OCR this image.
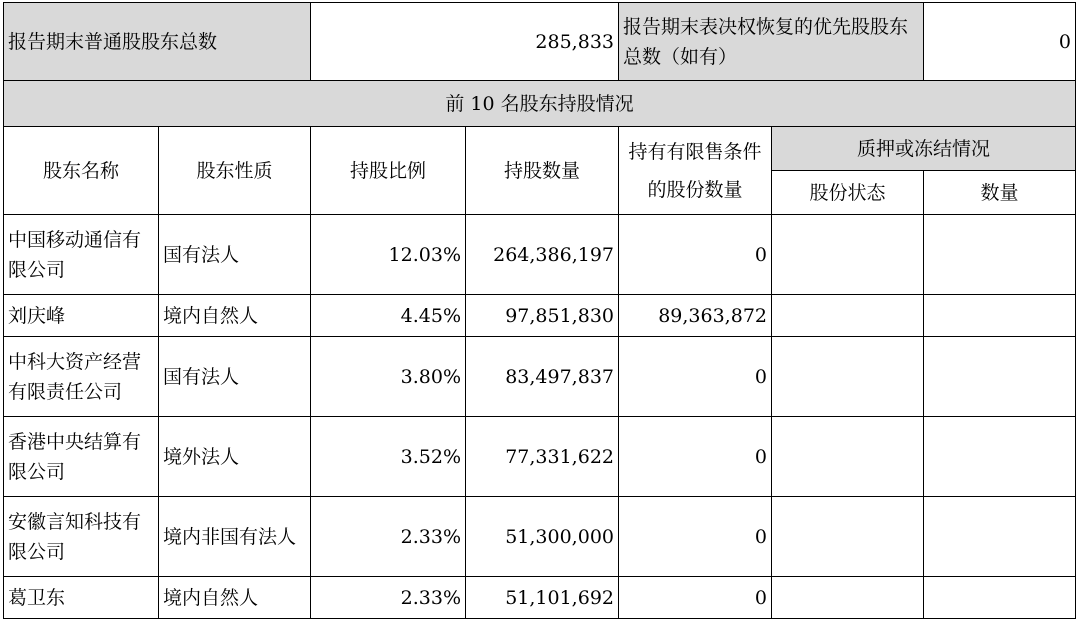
报告期末普通股股东总数		285,833		报告期末表决权恢复的优先股股东总数（如有）		0
前 10 名股东持股情况						
股东名称	股东性质	持股比例	持股数量	持有有限售条件的股份数量	质押或冻结情况	
					股份状态	数量
中国移动通信有限公司	国有法人	12.03%	264,386,197	0		
刘庆峰	境内自然人	4.45%	97,851,830	89,363,872		
中科大资产经营有限责任公司	国有法人	3.80%	83,497,837	0		
香港中央结算有限公司	境外法人	3.52%	77,331,622	0		
安徽言知科技有限公司	境内非国有法人	2.33%	51,300,000	0		
葛卫东	境内自然人	2.33%	51,101,692	0		
